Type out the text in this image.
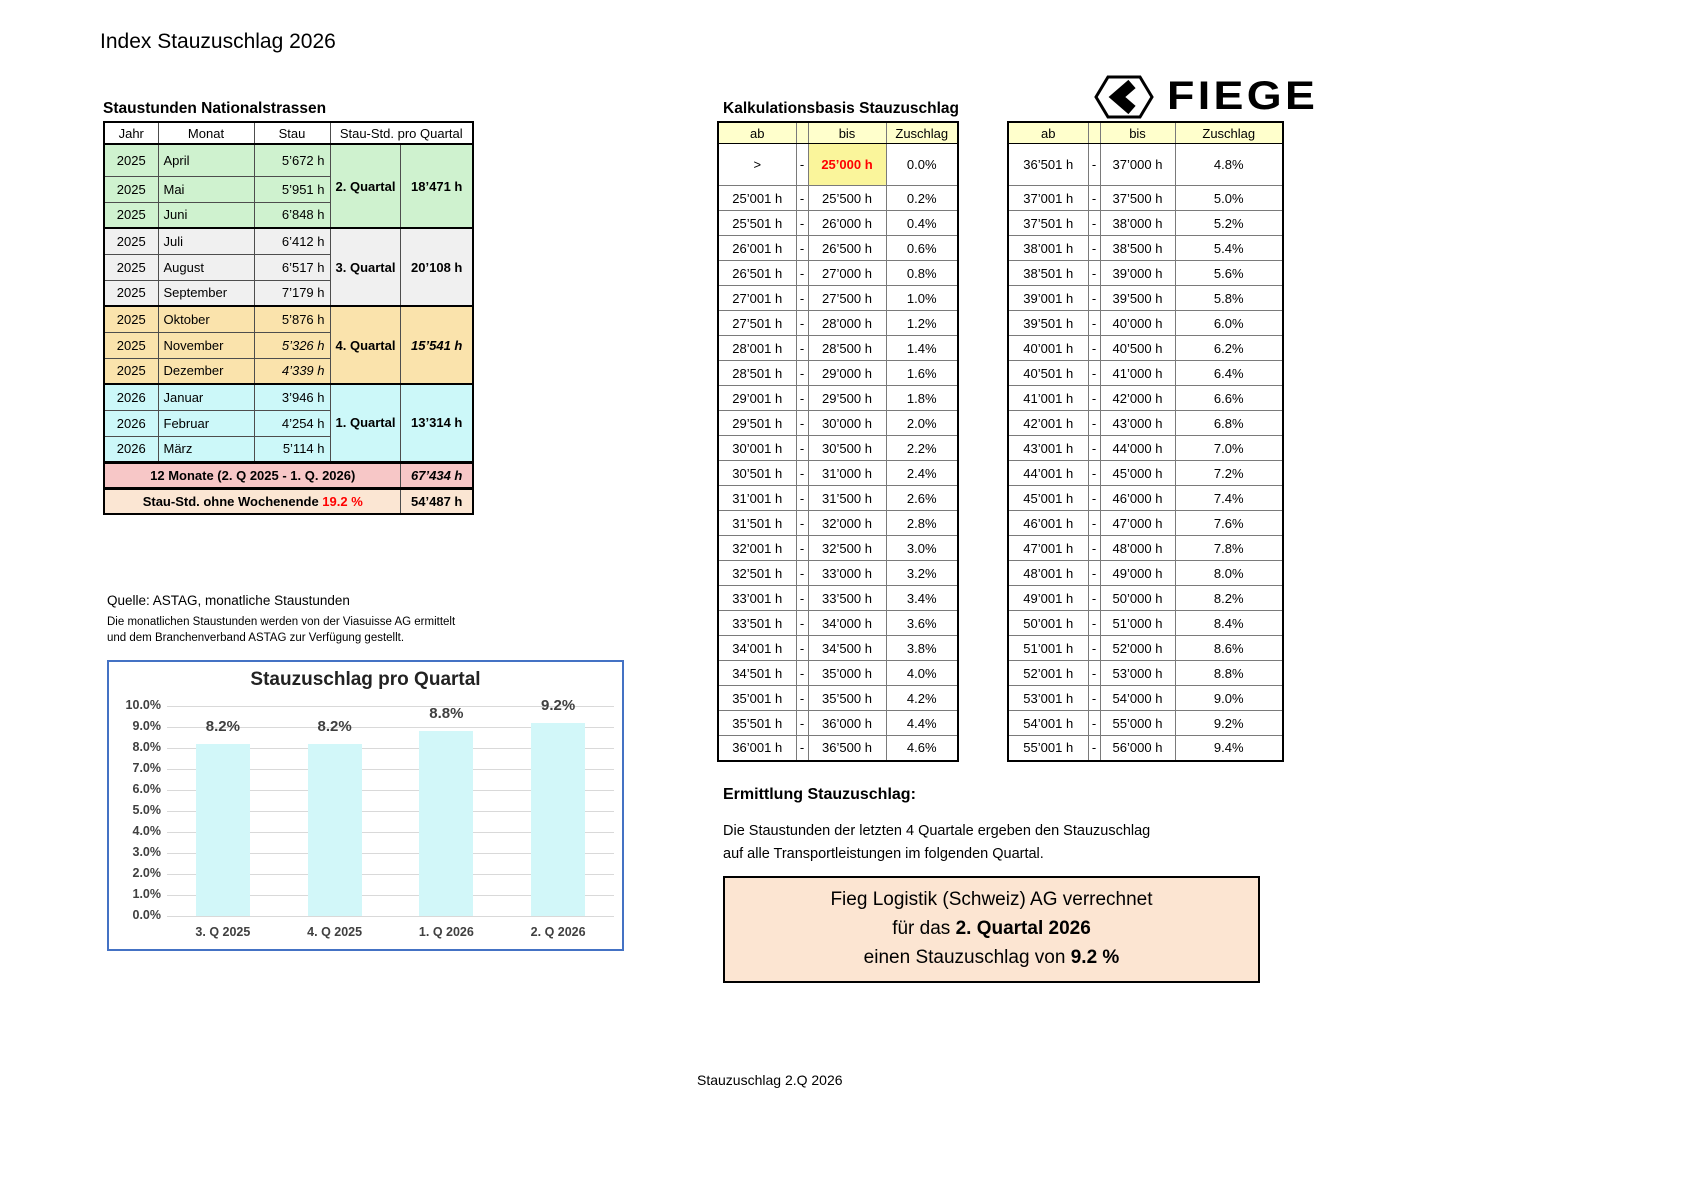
Index Stauzuschlag 2026
FIEGE
Staustunden Nationalstrassen
Jahr	Monat	Stau	Stau-Std. pro Quartal	
2025	April	5’672 h	2. Quartal	18’471 h
2025	Mai	5’951 h		
2025	Juni	6’848 h		
2025	Juli	6’412 h	3. Quartal	20’108 h
2025	August	6’517 h		
2025	September	7’179 h		
2025	Oktober	5’876 h	4. Quartal	15’541 h
2025	November	5’326 h		
2025	Dezember	4’339 h		
2026	Januar	3’946 h	1. Quartal	13’314 h
2026	Februar	4’254 h		
2026	März	5’114 h		
12 Monate (2. Q 2025 - 1. Q. 2026)				67’434 h
Stau-Std. ohne Wochenende 19.2 %				54’487 h
Quelle: ASTAG, monatliche Staustunden
Die monatlichen Staustunden werden von der Viasuisse AG ermittelt
und dem Branchenverband ASTAG zur Verfügung gestellt.
Stauzuschlag pro Quartal
10.0%
9.0%
8.0%
7.0%
6.0%
5.0%
4.0%
3.0%
2.0%
1.0%
0.0%
8.2%
3. Q 2025
8.2%
4. Q 2025
8.8%
1. Q 2026
9.2%
2. Q 2026
Kalkulationsbasis Stauzuschlag
ab		bis	Zuschlag
>	-	25’000 h	0.0%
25’001 h	-	25’500 h	0.2%
25’501 h	-	26’000 h	0.4%
26’001 h	-	26’500 h	0.6%
26’501 h	-	27’000 h	0.8%
27’001 h	-	27’500 h	1.0%
27’501 h	-	28’000 h	1.2%
28’001 h	-	28’500 h	1.4%
28’501 h	-	29’000 h	1.6%
29’001 h	-	29’500 h	1.8%
29’501 h	-	30’000 h	2.0%
30’001 h	-	30’500 h	2.2%
30’501 h	-	31’000 h	2.4%
31’001 h	-	31’500 h	2.6%
31’501 h	-	32’000 h	2.8%
32’001 h	-	32’500 h	3.0%
32’501 h	-	33’000 h	3.2%
33’001 h	-	33’500 h	3.4%
33’501 h	-	34’000 h	3.6%
34’001 h	-	34’500 h	3.8%
34’501 h	-	35’000 h	4.0%
35’001 h	-	35’500 h	4.2%
35’501 h	-	36’000 h	4.4%
36’001 h	-	36’500 h	4.6%
ab		bis	Zuschlag
36’501 h	-	37’000 h	4.8%
37’001 h	-	37’500 h	5.0%
37’501 h	-	38’000 h	5.2%
38’001 h	-	38’500 h	5.4%
38’501 h	-	39’000 h	5.6%
39’001 h	-	39’500 h	5.8%
39’501 h	-	40’000 h	6.0%
40’001 h	-	40’500 h	6.2%
40’501 h	-	41’000 h	6.4%
41’001 h	-	42’000 h	6.6%
42’001 h	-	43’000 h	6.8%
43’001 h	-	44’000 h	7.0%
44’001 h	-	45’000 h	7.2%
45’001 h	-	46’000 h	7.4%
46’001 h	-	47’000 h	7.6%
47’001 h	-	48’000 h	7.8%
48’001 h	-	49’000 h	8.0%
49’001 h	-	50’000 h	8.2%
50’001 h	-	51’000 h	8.4%
51’001 h	-	52’000 h	8.6%
52’001 h	-	53’000 h	8.8%
53’001 h	-	54’000 h	9.0%
54’001 h	-	55’000 h	9.2%
55’001 h	-	56’000 h	9.4%
Ermittlung Stauzuschlag:

Die Staustunden der letzten 4 Quartale ergeben den Stauzuschlag

auf alle Transportleistungen im folgenden Quartal.

Fieg Logistik (Schweiz) AG verrechnet
für das 2. Quartal 2026
einen Stauzuschlag von 9.2 %
Stauzuschlag 2.Q 2026
